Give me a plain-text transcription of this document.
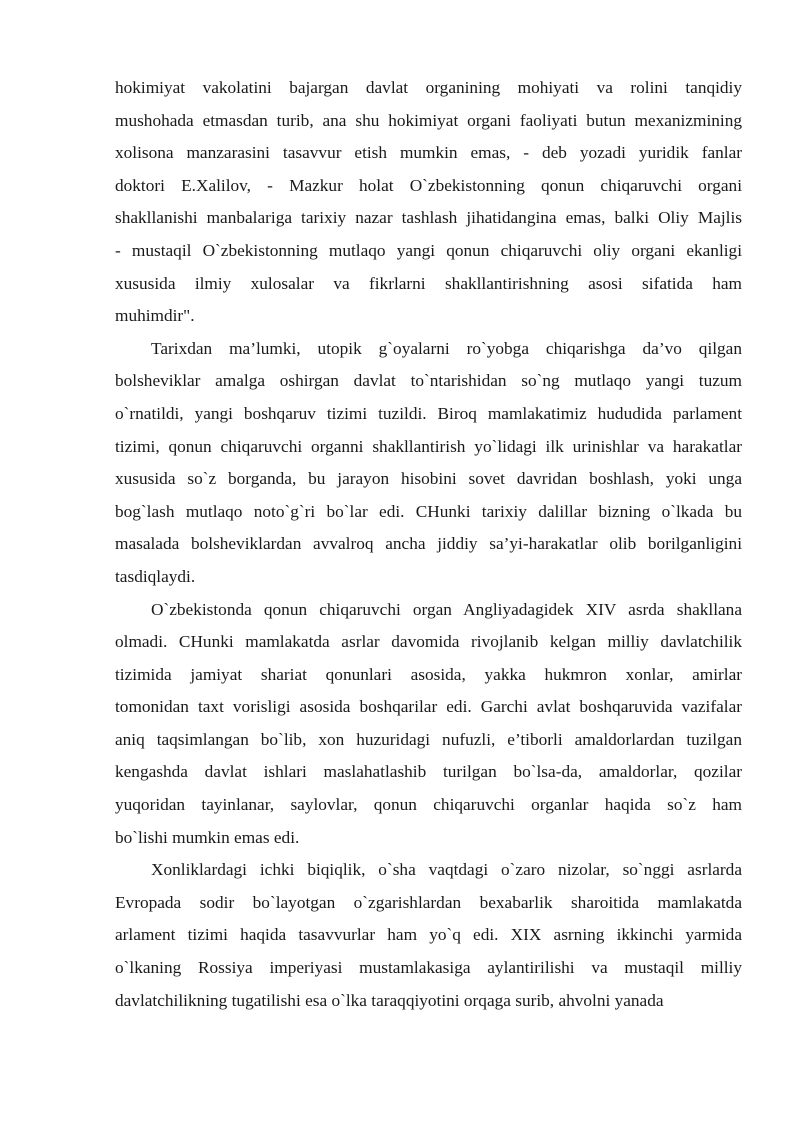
hokimiyat vakolatini bajargan davlat organining mohiyati va rolini tanqidiy
mushohada etmasdan turib, ana shu hokimiyat organi faoliyati butun mexanizmining
xolisona manzarasini tasavvur etish mumkin emas, - deb yozadi yuridik fanlar
doktori E.Xalilov, - Mazkur holat O`zbekistonning qonun chiqaruvchi organi
shakllanishi manbalariga tarixiy nazar tashlash jihatidangina emas, balki Oliy Majlis
- mustaqil O`zbekistonning mutlaqo yangi qonun chiqaruvchi oliy organi ekanligi
xususida ilmiy xulosalar va fikrlarni shakllantirishning asosi sifatida ham
muhimdir".

Tarixdan ma’lumki, utopik g`oyalarni ro`yobga chiqarishga da’vo qilgan
bolsheviklar amalga oshirgan davlat to`ntarishidan so`ng mutlaqo yangi tuzum
o`rnatildi, yangi boshqaruv tizimi tuzildi. Biroq mamlakatimiz hududida parlament
tizimi, qonun chiqaruvchi organni shakllantirish yo`lidagi ilk urinishlar va harakatlar
xususida so`z borganda, bu jarayon hisobini sovet davridan boshlash, yoki unga
bog`lash mutlaqo noto`g`ri bo`lar edi. CHunki tarixiy dalillar bizning o`lkada bu
masalada bolsheviklardan avvalroq ancha jiddiy sa’yi-harakatlar olib borilganligini
tasdiqlaydi.

O`zbekistonda qonun chiqaruvchi organ Angliyadagidek XIV asrda shakllana
olmadi. CHunki mamlakatda asrlar davomida rivojlanib kelgan milliy davlatchilik
tizimida jamiyat shariat qonunlari asosida, yakka hukmron xonlar, amirlar
tomonidan taxt vorisligi asosida boshqarilar edi. Garchi avlat boshqaruvida vazifalar
aniq taqsimlangan bo`lib, xon huzuridagi nufuzli, e’tiborli amaldorlardan tuzilgan
kengashda davlat ishlari maslahatlashib turilgan bo`lsa-da, amaldorlar, qozilar
yuqoridan tayinlanar, saylovlar, qonun chiqaruvchi organlar haqida so`z ham
bo`lishi mumkin emas edi.

Xonliklardagi ichki biqiqlik, o`sha vaqtdagi o`zaro nizolar, so`nggi asrlarda
Evropada sodir bo`layotgan o`zgarishlardan bexabarlik sharoitida mamlakatda
arlament tizimi haqida tasavvurlar ham yo`q edi. XIX asrning ikkinchi yarmida
o`lkaning Rossiya imperiyasi mustamlakasiga aylantirilishi va mustaqil milliy
davlatchilikning tugatilishi esa o`lka taraqqiyotini orqaga surib, ahvolni yanada
